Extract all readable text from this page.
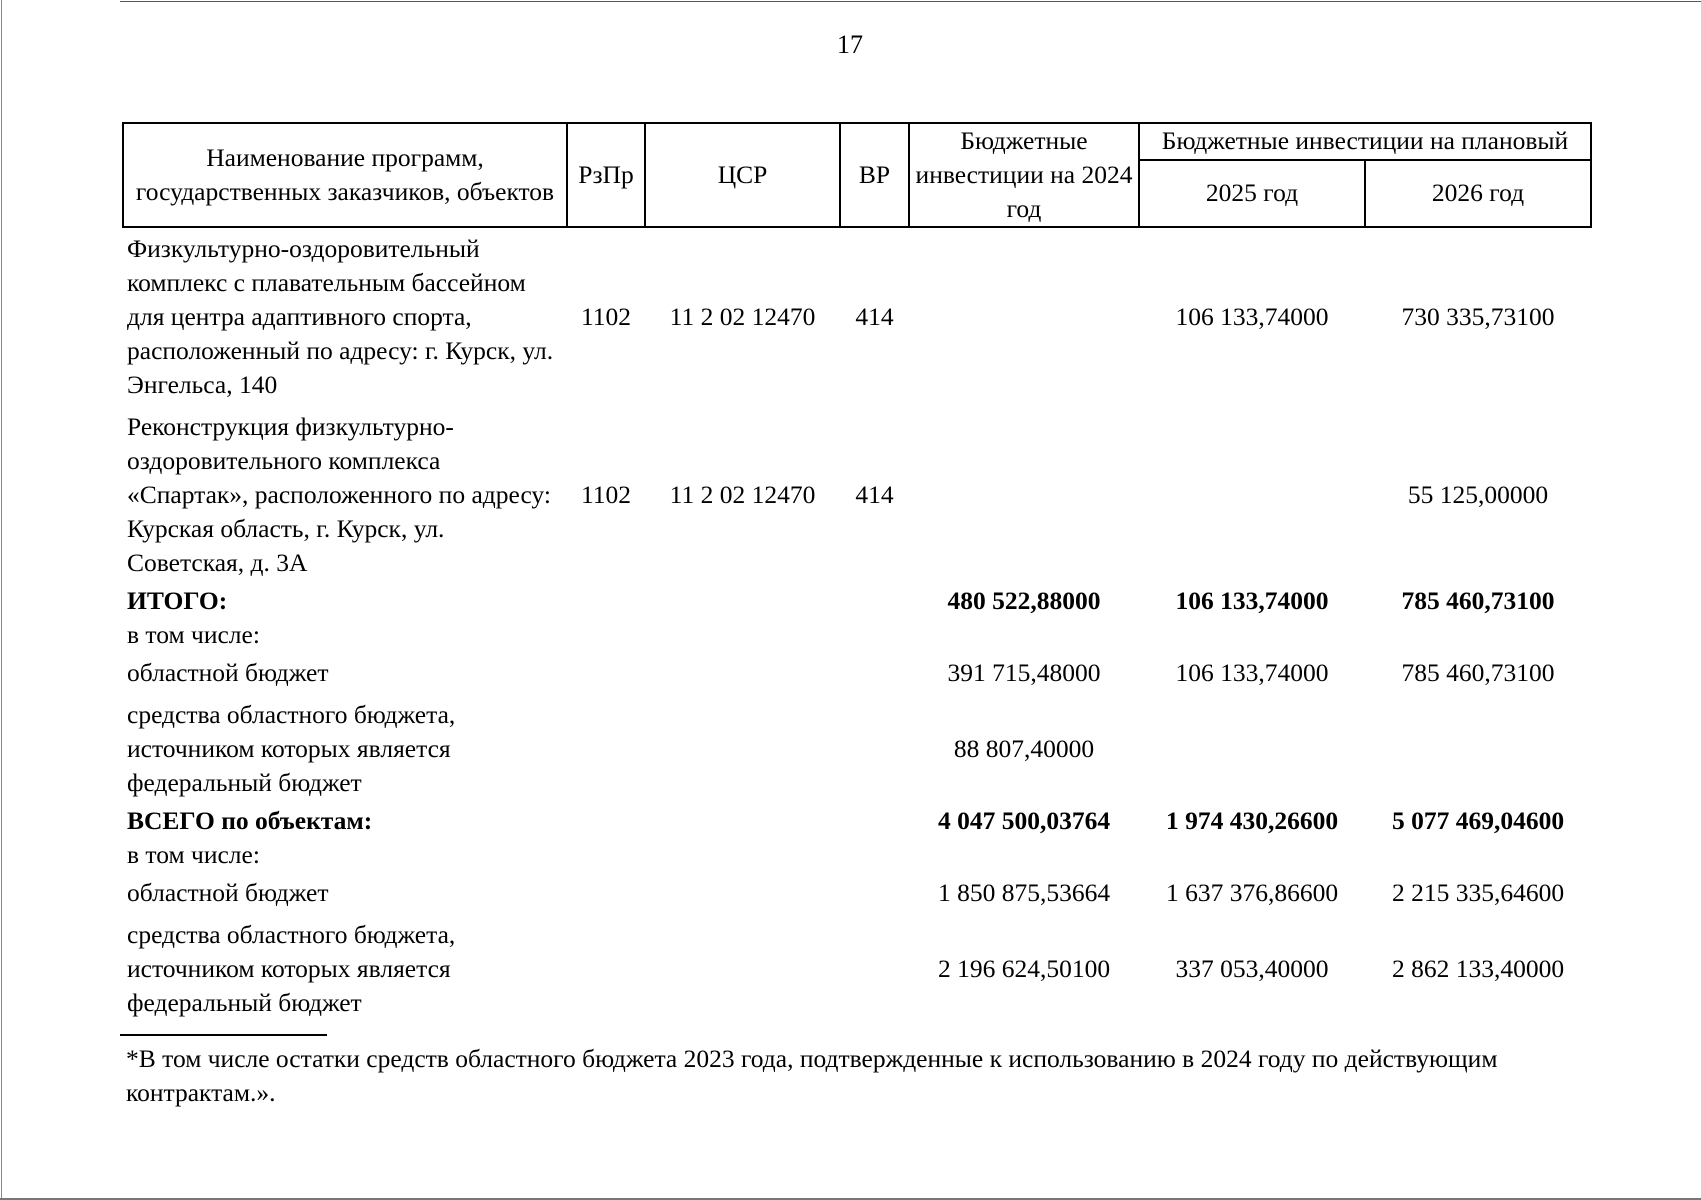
17
Наименование программ, государственных заказчиков, объектов	РзПр	ЦСР	ВР	Бюджетные инвестиции на 2024 год	Бюджетные инвестиции на плановый	
					2025 год	2026 год
Физкультурно-оздоровительный комплекс с плавательным бассейном для центра адаптивного спорта, расположенный по адресу: г. Курск, ул. Энгельса, 140	1102	11 2 02 12470	414		106 133,74000	730 335,73100
Реконструкция физкультурно-оздоровительного комплекса «Спартак», расположенного по адресу: Курская область, г. Курск, ул. Советская, д. 3А	1102	11 2 02 12470	414			55 125,00000
ИТОГО:				480 522,88000	106 133,74000	785 460,73100
в том числе:						
областной бюджет				391 715,48000	106 133,74000	785 460,73100
средства областного бюджета, источником которых является федеральный бюджет				88 807,40000		
ВСЕГО по объектам:				4 047 500,03764	1 974 430,26600	5 077 469,04600
в том числе:						
областной бюджет				1 850 875,53664	1 637 376,86600	2 215 335,64600
средства областного бюджета, источником которых является федеральный бюджет				2 196 624,50100	337 053,40000	2 862 133,40000
*В том числе остатки средств областного бюджета 2023 года, подтвержденные к использованию в 2024 году по действующим контрактам.».
